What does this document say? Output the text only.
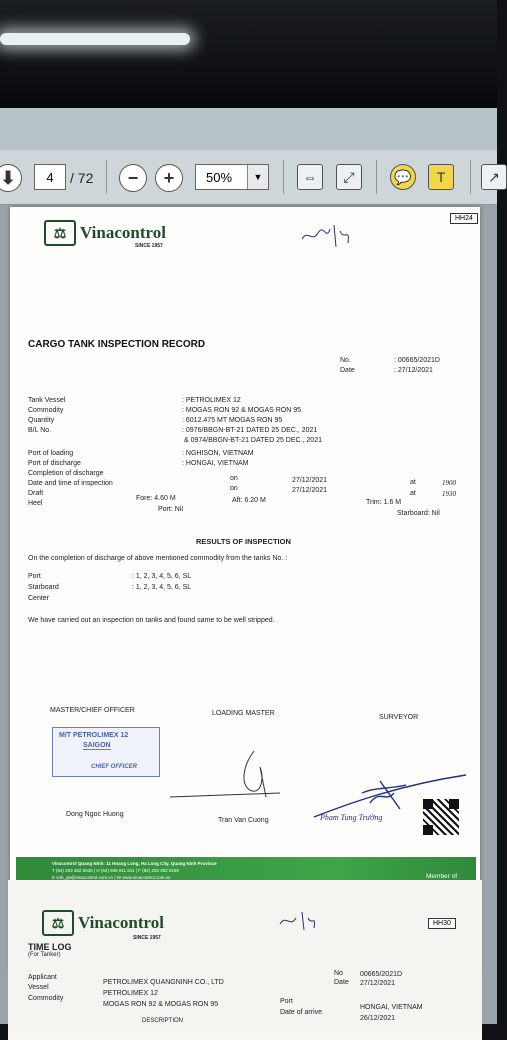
⬇	4	/ 72	−	+	50%	▼	⇔	⤢	💬	T	↗
HH24
⚖ Vinacontrol
SINCE 1957
CARGO TANK INSPECTION RECORD
No.	: 00665/2021D
Date	: 27/12/2021
Tank Vessel	: PETROLIMEX 12
Commodity	: MOGAS RON 92 & MOGAS RON 95
Quantity	: 6012.475 MT MOGAS RON 95
B/L No.	: 0976/BBGN-BT-21 DATED 25 DEC., 2021
& 0974/BBGN-BT-21 DATED 25 DEC., 2021
Port of loading	: NGHISON, VIETNAM
Port of discharge	: HONGAI, VIETNAM
Completion of discharge
on	27/12/2021	at	1900
Date and time of inspection
on	27/12/2021	at	1930
Draft
Fore: 4.60 M	Aft: 6.20 M	Trim: 1.6 M
Heel
Port: Nil
Starboard: Nil
RESULTS OF INSPECTION
On the completion of discharge of above mentioned commodity from the tanks No. :
Port	: 1, 2, 3, 4, 5, 6, SL
Starboard	: 1, 2, 3, 4, 5, 6, SL
Center
We have carried out an inspection on tanks and found same to be well stripped.
MASTER/CHIEF OFFICER	LOADING MASTER
SURVEYOR
M/T PETROLIMEX 12
SAIGON
CHIEF OFFICER
Dong Ngoc Huong
Tran Van Cuong	Pham Tung Trường
Vinacontrol Quang Ninh: 11 Hoang Long, Ha Long City, Quang Ninh Province
T (84) 203 382 5535 | H (84) 936 911 811 | F (84) 203 382 8169
E vnh_qn@vinacontrol.com.vn | W www.vinacontrol.com.vn	Member of
HH30
⚖ Vinacontrol
SINCE 1957
TIME LOG
(For Tanker)
Applicant
PETROLIMEX QUANGNINH CO., LTD
Vessel
PETROLIMEX 12
Commodity
MOGAS RON 92 & MOGAS RON 95
No 00665/2021D
Date 27/12/2021
Port
HONGAI, VIETNAM
Date of arrive
26/12/2021
DESCRIPTION
